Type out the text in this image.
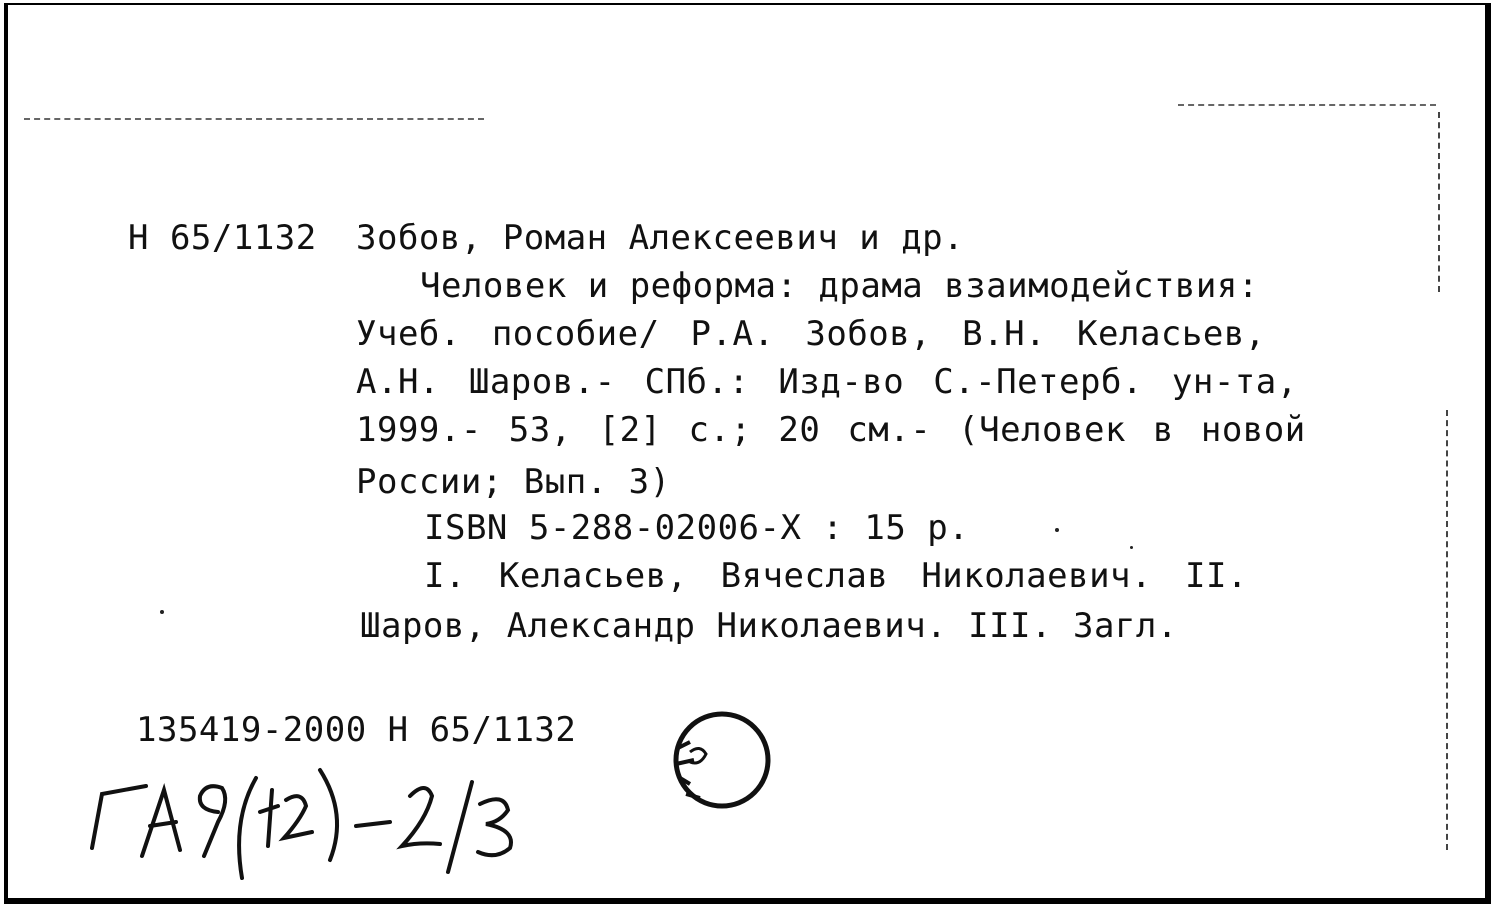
Н 65/1132 Зобов, Роман Алексеевич и др.
Человек и реформа: драма взаимодействия:
Учеб. пособие/ Р.А. Зобов, В.Н. Келасьев,
А.Н. Шаров.- СПб.: Изд-во С.-Петерб. ун-та,
1999.- 53, [2] с.; 20 см.- (Человек в новой
России; Вып. 3)
ISBN 5-288-02006-X : 15 р.
I. Келасьев, Вячеслав Николаевич. II.
Шаров, Александр Николаевич. III. Загл.
135419-2000 Н 65/1132
